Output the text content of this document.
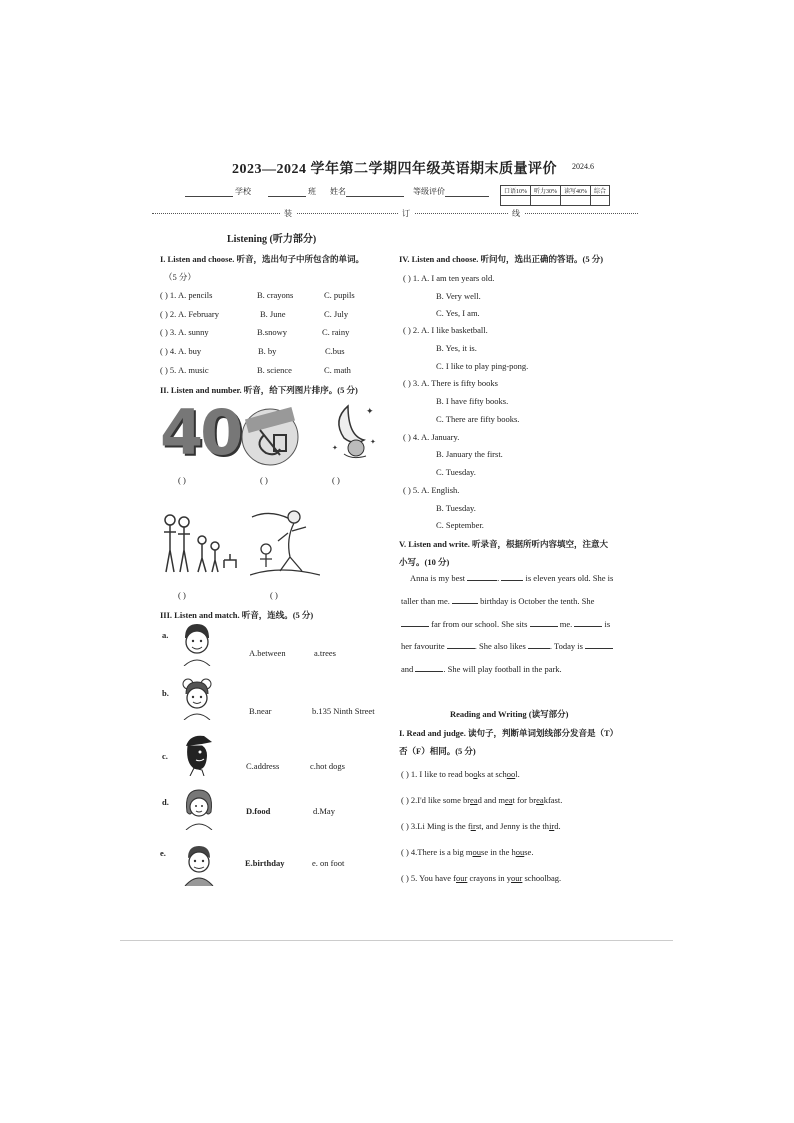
2023—2024 学年第二学期四年级英语期末质量评价 2024.6
学校	班 姓名	等级评价	口语10%	听力30%	读写40%	综合

装	订	线
Listening (听力部分)
I. Listen and choose. 听音，选出句子中所包含的单词。
（5 分）
( ) 1. A. pencils	B. crayons	C. pupils
( ) 2. A. February	B. June	C. July
( ) 3. A. sunny	B.snowy	C. rainy
( ) 4. A. buy	B. by	C.bus
( ) 5. A. music	B. science	C. math
II. Listen and number. 听音，给下列图片排序。(5 分)
40	✦
✦
✦
( )	( )	( )
( )	( )
III. Listen and match. 听音，连线。(5 分)
a.
A.between	a.trees
b.
B.near	b.135 Ninth Street
c.
C.address	c.hot dogs
d.
D.food	d.May
e.
E.birthday	e. on foot
IV. Listen and choose. 听问句，选出正确的答语。(5 分)
( ) 1. A. I am ten years old.
B. Very well.
C. Yes, I am.
( ) 2. A. I like basketball.
B. Yes, it is.
C. I like to play ping-pong.
( ) 3. A. There is fifty books
B. I have fifty books.
C. There are fifty books.
( ) 4. A. January.
B. January the first.
C. Tuesday.
( ) 5. A. English.
B. Tuesday.
C. September.
V. Listen and write. 听录音，根据所听内容填空，注意大
小写。(10 分)
Anna is my best	.	is eleven years old. She is
taller than me.	birthday is October the tenth. She
far from our school. She sits	me.	is
her favourite	. She also likes	. Today is
and	. She will play football in the park.
Reading and Writing (读写部分)
I. Read and judge. 读句子，判断单词划线部分发音是（T）
否（F）相同。(5 分)
( ) 1. I like to read books at school.
( ) 2.I'd like some bread and meat for breakfast.
( ) 3.Li Ming is the first, and Jenny is the third.
( ) 4.There is a big mouse in the house.
( ) 5. You have four crayons in your schoolbag.
